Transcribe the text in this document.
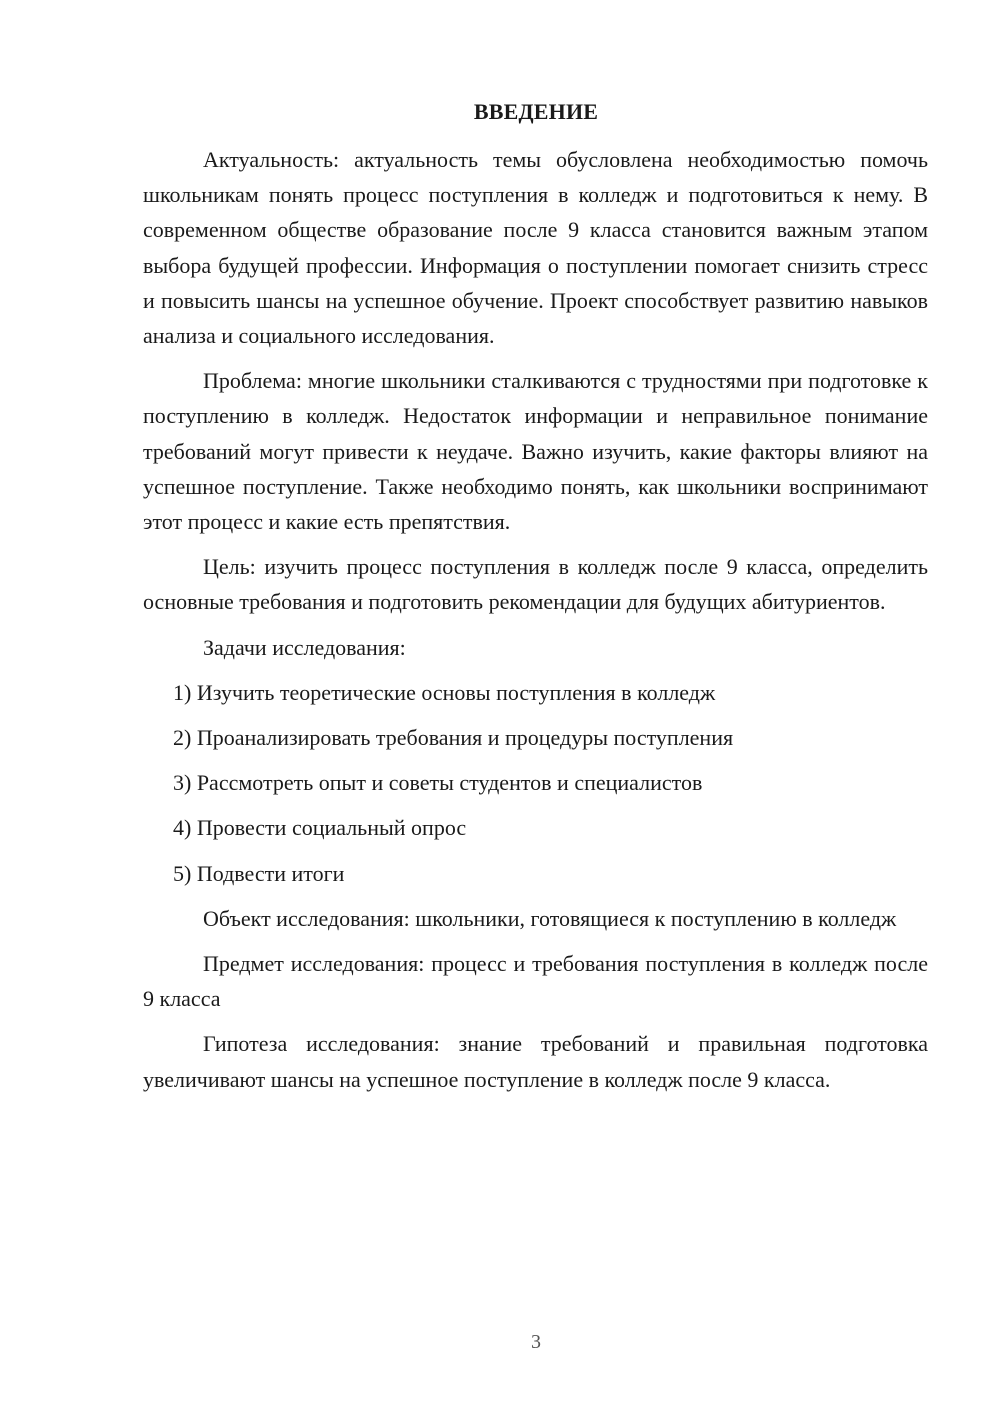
ВВЕДЕНИЕ

Актуальность: актуальность темы обусловлена необходимостью помочь школьникам понять процесс поступления в колледж и подготовиться к нему. В современном обществе образование после 9 класса становится важным этапом выбора будущей профессии. Информация о поступлении помогает снизить стресс и повысить шансы на успешное обучение. Проект способствует развитию навыков анализа и социального исследования.

Проблема: многие школьники сталкиваются с трудностями при подготовке к поступлению в колледж. Недостаток информации и неправильное понимание требований могут привести к неудаче. Важно изучить, какие факторы влияют на успешное поступление. Также необходимо понять, как школьники воспринимают этот процесс и какие есть препятствия.

Цель: изучить процесс поступления в колледж после 9 класса, определить основные требования и подготовить рекомендации для будущих абитуриентов.

Задачи исследования:

1) Изучить теоретические основы поступления в колледж

2) Проанализировать требования и процедуры поступления

3) Рассмотреть опыт и советы студентов и специалистов

4) Провести социальный опрос

5) Подвести итоги

Объект исследования: школьники, готовящиеся к поступлению в колледж

Предмет исследования: процесс и требования поступления в колледж после 9 класса

Гипотеза исследования: знание требований и правильная подготовка увеличивают шансы на успешное поступление в колледж после 9 класса.

3
